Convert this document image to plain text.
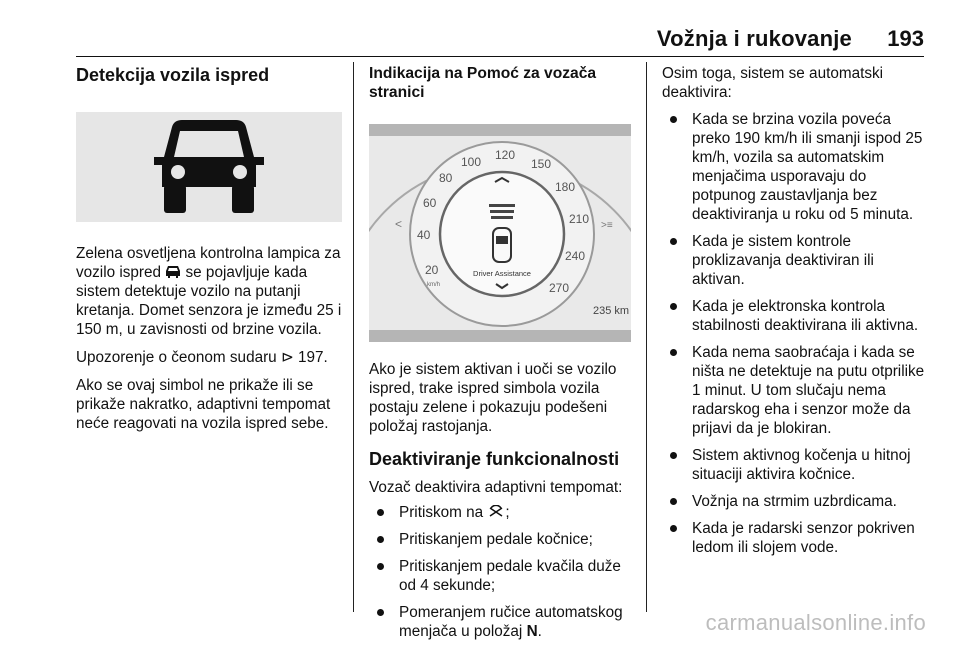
Vožnja i rukovanje 193
Detekcija vozila ispred

Zelena osvetljena kontrolna lampica za vozilo ispred  se pojavljuje kada sistem detektuje vozilo na putanji kretanja. Domet senzora je između 25 i 150 m, u zavisnosti od brzine vozila.

Upozorenje o čeonom sudaru ⊳ 197.

Ako se ovaj simbol ne prikaže ili se prikaže nakratko, adaptivni tempomat neće reagovati na vozila ispred sebe.

Indikacija na Pomoć za vozača stranici
20
40
60
80
100 120
150
180
210
240
270
km/h
Driver Assistance
<	>≡
235 km

Ako je sistem aktivan i uoči se vozilo ispred, trake ispred simbola vozila postaju zelene i pokazuju podešeni položaj rastojanja.

Deaktiviranje funkcionalnosti

Vozač deaktivira adaptivni tempomat:

Pritiskom na ;
Pritiskanjem pedale kočnice;
Pritiskanjem pedale kvačila duže od 4 sekunde;
Pomeranjem ručice automatskog menjača u položaj N.

Osim toga, sistem se automatski deaktivira:

Kada se brzina vozila poveća preko 190 km/h ili smanji ispod 25 km/h, vozila sa automatskim menjačima usporavaju do potpunog zaustavljanja bez deaktiviranja u roku od 5 minuta.
Kada je sistem kontrole proklizavanja deaktiviran ili aktivan.
Kada je elektronska kontrola stabilnosti deaktivirana ili aktivna.
Kada nema saobraćaja i kada se ništa ne detektuje na putu otprilike 1 minut. U tom slučaju nema radarskog eha i senzor može da prijavi da je blokiran.
Sistem aktivnog kočenja u hitnoj situaciji aktivira kočnice.
Vožnja na strmim uzbrdicama.
Kada je radarski senzor pokriven ledom ili slojem vode.
carmanualsonline.info
